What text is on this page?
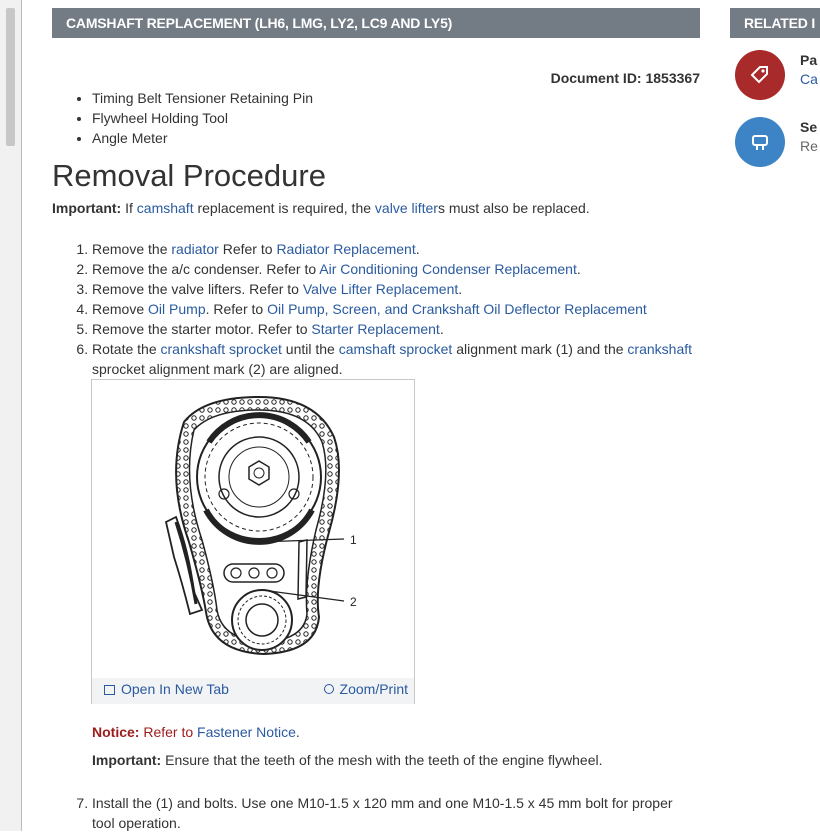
CAMSHAFT REPLACEMENT (LH6, LMG, LY2, LC9 AND LY5)	RELATED I
Document ID: 1853367
• Timing Belt Tensioner Retaining Pin
• Flywheel Holding Tool
• Angle Meter
Removal Procedure
Important: If camshaft replacement is required, the valve lifters must also be replaced.
1. Remove the radiator Refer to Radiator Replacement.
2. Remove the a/c condenser. Refer to Air Conditioning Condenser Replacement.
3. Remove the valve lifters. Refer to Valve Lifter Replacement.
4. Remove Oil Pump. Refer to Oil Pump, Screen, and Crankshaft Oil Deflector Replacement
5. Remove the starter motor. Refer to Starter Replacement.
6. Rotate the crankshaft sprocket until the camshaft sprocket alignment mark (1) and the crankshaft sprocket alignment mark (2) are aligned.
1
2
Open In New Tab	Zoom/Print
Notice: Refer to Fastener Notice.
Important: Ensure that the teeth of the mesh with the teeth of the engine flywheel.
7. Install the (1) and bolts. Use one M10-1.5 x 120 mm and one M10-1.5 x 45 mm bolt for proper tool operation.
Pa
Ca
Se
Re
